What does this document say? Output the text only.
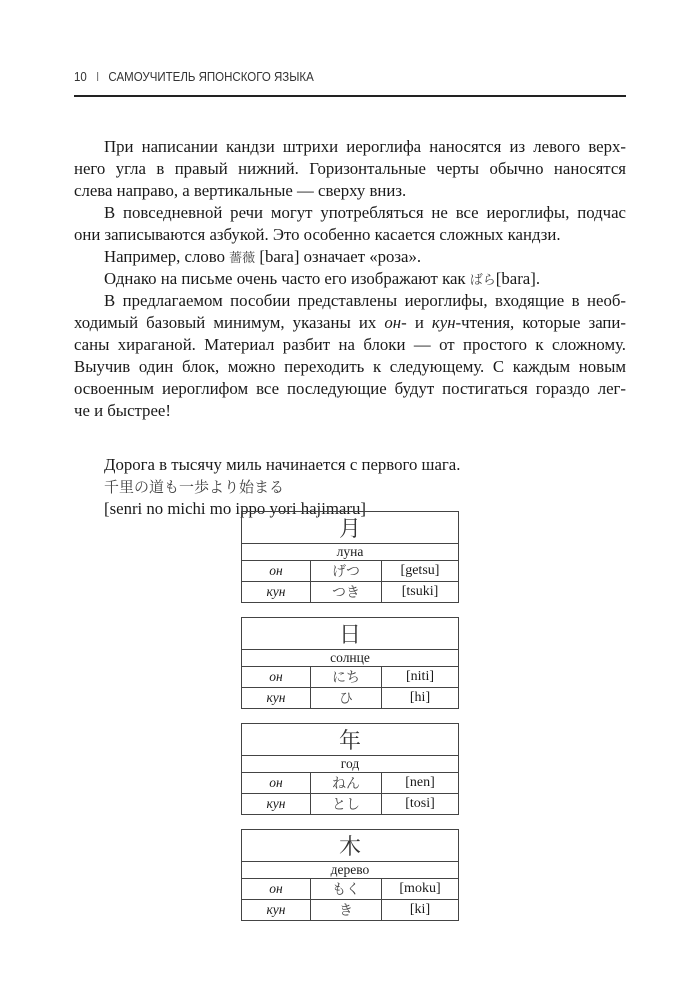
10 I САМОУЧИТЕЛЬ ЯПОНСКОГО ЯЗЫКА
При написании кандзи штрихи иероглифа наносятся из левого верх-
него угла в правый нижний. Горизонтальные черты обычно наносятся
слева направо, а вертикальные — сверху вниз.
В повседневной речи могут употребляться не все иероглифы, подчас
они записываются азбукой. Это особенно касается сложных кандзи.
Например, слово 薔薇 [bara] означает «роза».
Однако на письме очень часто его изображают как ばら[bara].
В предлагаемом пособии представлены иероглифы, входящие в необ-
ходимый базовый минимум, указаны их он- и кун-чтения, которые запи-
саны хираганой. Материал разбит на блоки — от простого к сложному.
Выучив один блок, можно переходить к следующему. С каждым новым
освоенным иероглифом все последующие будут постигаться гораздо лег-
че и быстрее!
Дорога в тысячу миль начинается с первого шага.
千里の道も一歩より始まる
[senri no michi mo ippo yori hajimaru]
月		
луна		
он	げつ	[getsu]
кун	つき	[tsuki]
日		
солнце		
он	にち	[niti]
кун	ひ	[hi]
年		
год		
он	ねん	[nen]
кун	とし	[tosi]
木		
дерево		
он	もく	[moku]
кун	き	[ki]
